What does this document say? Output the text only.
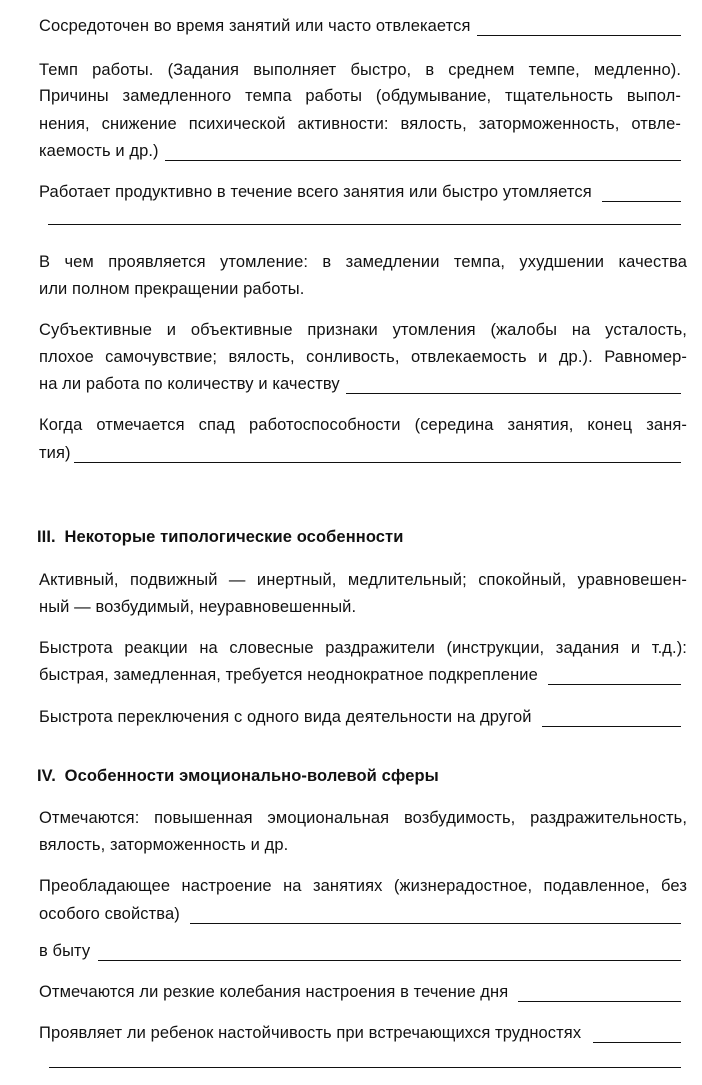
Сосредоточен во время занятий или часто отвлекается
Темп работы. (Задания выполняет быстро, в среднем темпе, медленно).
Причины замедленного темпа работы (обдумывание, тщательность выпол-
нения, снижение психической активности: вялость, заторможенность, отвле-
каемость и др.)
Работает продуктивно в течение всего занятия или быстро утомляется
В чем проявляется утомление: в замедлении темпа, ухудшении качества
или полном прекращении работы.
Субъективные и объективные признаки утомления (жалобы на усталость,
плохое самочувствие; вялость, сонливость, отвлекаемость и др.). Равномер-
на ли работа по количеству и качеству
Когда отмечается спад работоспособности (середина занятия, конец заня-
тия)
III. Некоторые типологические особенности
Активный, подвижный — инертный, медлительный; спокойный, уравновешен-
ный — возбудимый, неуравновешенный.
Быстрота реакции на словесные раздражители (инструкции, задания и т.д.):
быстрая, замедленная, требуется неоднократное подкрепление
Быстрота переключения с одного вида деятельности на другой
IV. Особенности эмоционально-волевой сферы
Отмечаются: повышенная эмоциональная возбудимость, раздражительность,
вялость, заторможенность и др.
Преобладающее настроение на занятиях (жизнерадостное, подавленное, без
особого свойства)
в быту
Отмечаются ли резкие колебания настроения в течение дня
Проявляет ли ребенок настойчивость при встречающихся трудностях
